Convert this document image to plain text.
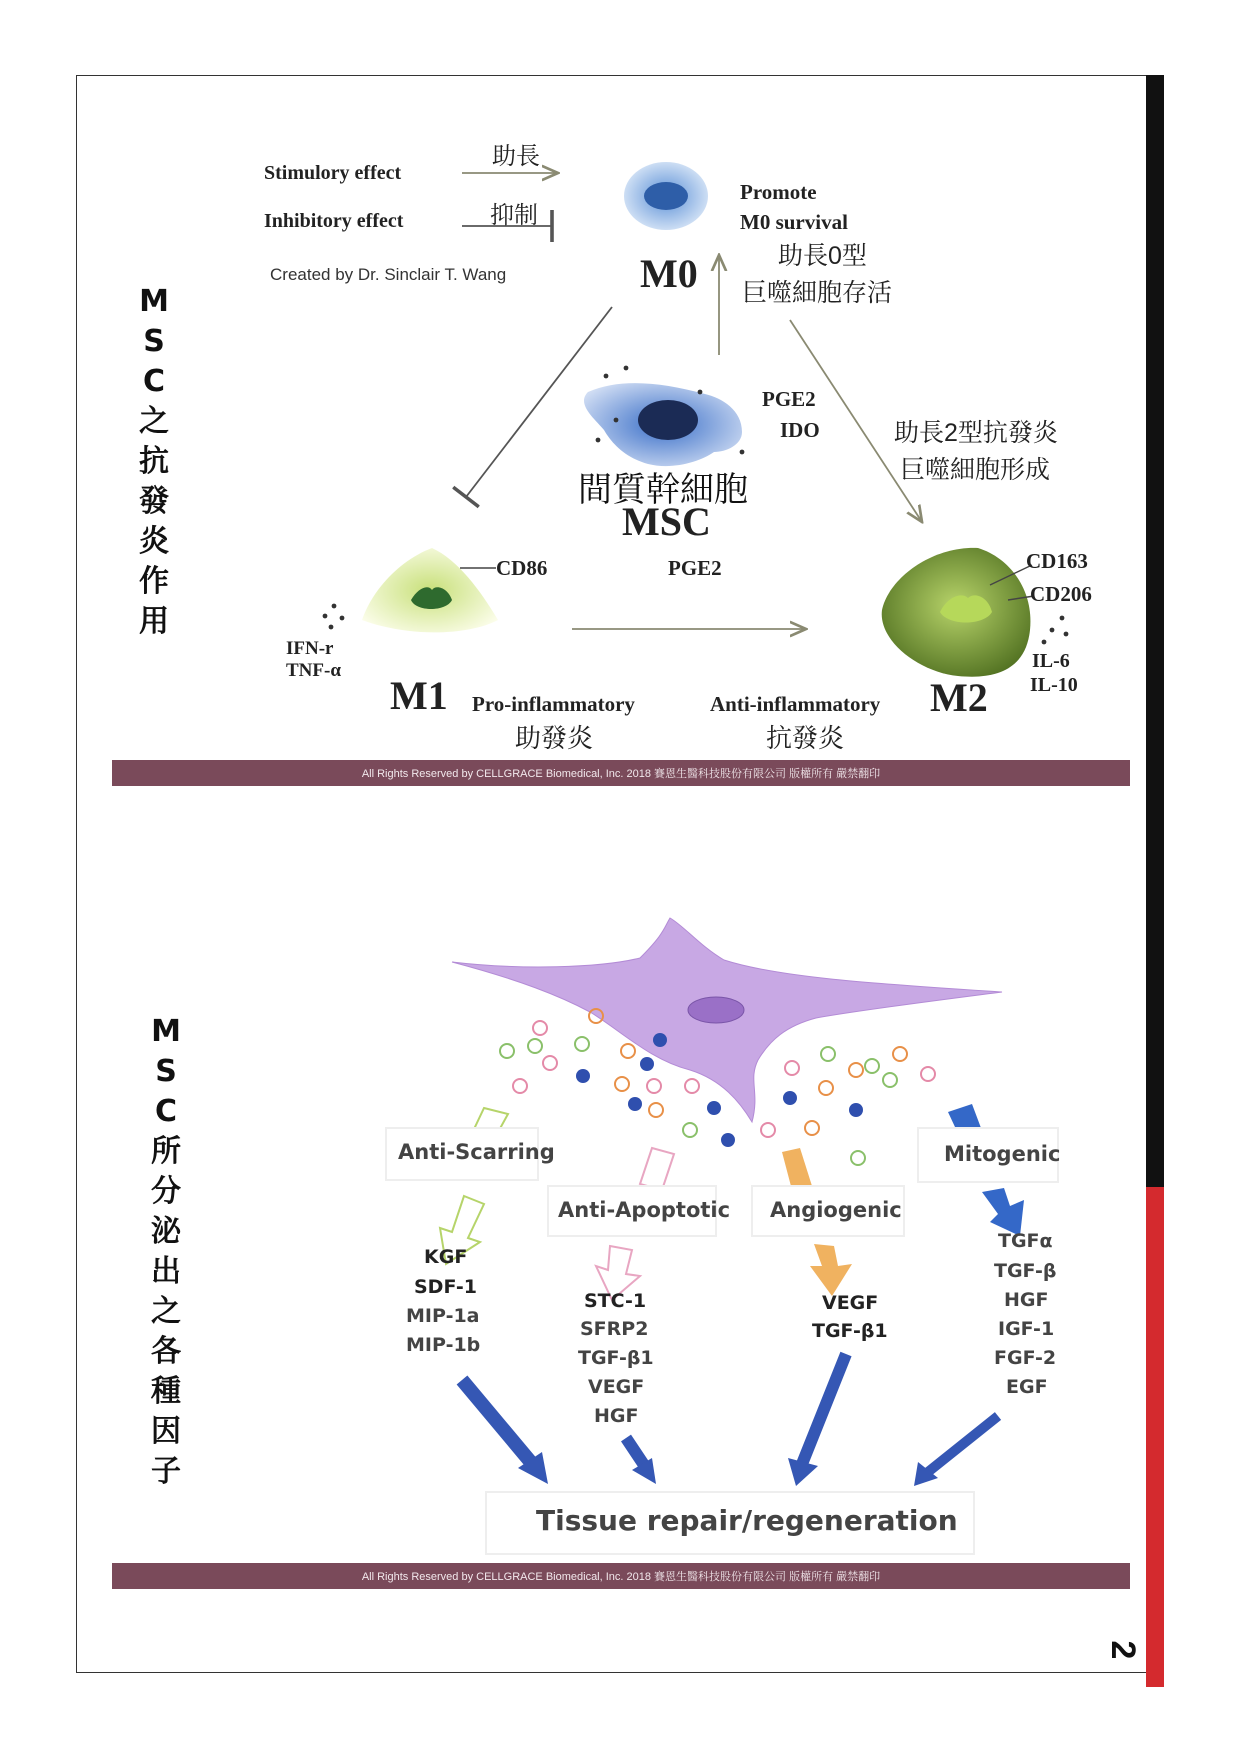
2
M
S
C
之
抗
發
炎
作
用
Stimulory effect
助長
Inhibitory effect	抑制
Created by Dr. Sinclair T. Wang	M0
Promote
M0 survival
助長0型
巨噬細胞存活
PGE2
IDO
間質幹細胞
MSC
PGE2
助長2型抗發炎
巨噬細胞形成
CD86
IFN-r
TNF-α
M1 Pro-inflammatory
助發炎
CD163
CD206
IL-6
IL-10
M2
Anti-inflammatory
抗發炎
All Rights Reserved by CELLGRACE Biomedical, Inc. 2018 賽恩生醫科技股份有限公司 版權所有 嚴禁翻印
M
S
C
所
分
泌
出
之
各
種
因
子
Anti-Scarring
Anti-Apoptotic Angiogenic
Mitogenic
KGF
SDF-1
MIP-1a
MIP-1b
STC-1
SFRP2
TGF-β1
VEGF
HGF
VEGF
TGF-β1
TGFα
TGF-β
HGF
IGF-1
FGF-2
EGF
Tissue repair/regeneration
All Rights Reserved by CELLGRACE Biomedical, Inc. 2018 賽恩生醫科技股份有限公司 版權所有 嚴禁翻印
